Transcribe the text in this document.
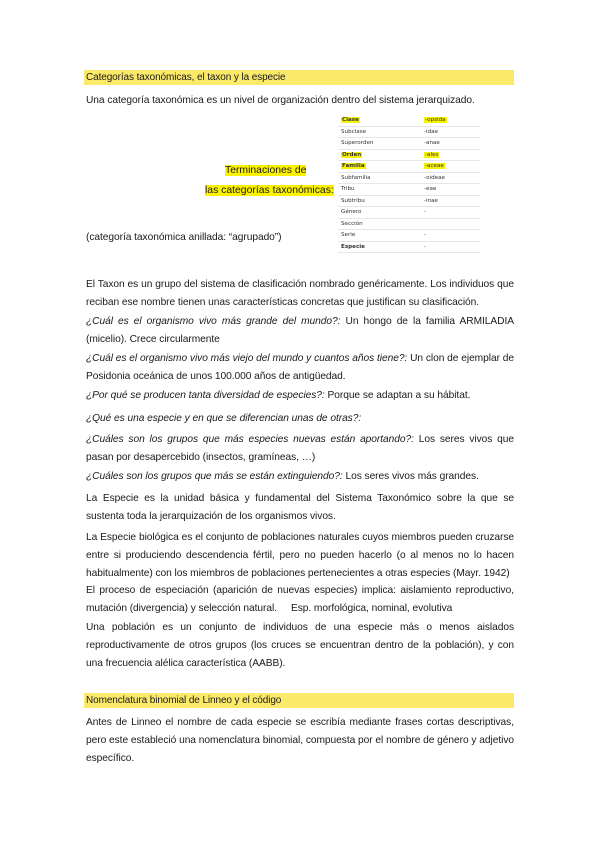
Categorías taxonómicas, el taxon y la especie
Una categoría taxonómica es un nivel de organización dentro del sistema jerarquizado.
Terminaciones de
las categorías taxonómicas:
Clase	-opsida
Subclase	-idae
Superorden	-anae
Orden	-ales
Familia	-aceae
Subfamilia	-oideae
Tribu	-eae
Subtribu	-inae
Género	-
Sección
Serie	-
Especie	-
(categoría taxonómica anillada: “agrupado”)
El Taxon es un grupo del sistema de clasificación nombrado genéricamente. Los individuos que reciban ese nombre tienen unas características concretas que justifican su clasificación.
¿Cuál es el organismo vivo más grande del mundo?: Un hongo de la familia ARMILADIA (micelio). Crece circularmente
¿Cuál es el organismo vivo más viejo del mundo y cuantos años tiene?: Un clon de ejemplar de Posidonia oceánica de unos 100.000 años de antigüedad.
¿Por qué se producen tanta diversidad de especies?: Porque se adaptan a su hábitat.
¿Qué es una especie y en que se diferencian unas de otras?:
¿Cuáles son los grupos que más especies nuevas están aportando?: Los seres vivos que pasan por desapercebido (insectos, gramíneas, …)
¿Cuáles son los grupos que más se están extinguiendo?: Los seres vivos más grandes.
La Especie es la unidad básica y fundamental del Sistema Taxonómico sobre la que se sustenta toda la jerarquización de los organismos vivos.
La Especie biológica es el conjunto de poblaciones naturales cuyos miembros pueden cruzarse entre si produciendo descendencia fértil, pero no pueden hacerlo (o al menos no lo hacen habitualmente) con los miembros de poblaciones pertenecientes a otras especies (Mayr. 1942)
El proceso de especiación (aparición de nuevas especies) implica: aislamiento reproductivo, mutación (divergencia) y selección natural. Esp. morfológica, nominal, evolutiva
Una población es un conjunto de individuos de una especie más o menos aislados reproductivamente de otros grupos (los cruces se encuentran dentro de la población), y con una frecuencia alélica característica (AABB).
Nomenclatura binomial de Linneo y el código
Antes de Linneo el nombre de cada especie se escribía mediante frases cortas descriptivas, pero este estableció una nomenclatura binomial, compuesta por el nombre de género y adjetivo específico.
